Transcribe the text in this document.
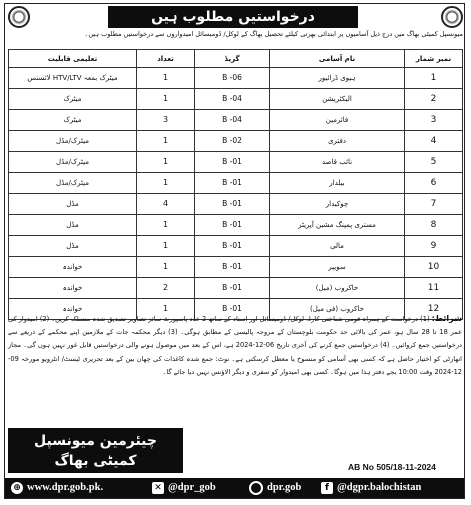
درخواستیں مطلوب ہیں
میونسپل کمیٹی بھاگ میں درج ذیل آسامیوں پر ابتدائی بھرتی کیلئے تحصیل بھاگ کے لوکل/ ڈومیسائل امیدواروں سے درخواستیں مطلوب ہیں۔
نمبر شمار	نام آسامی	گریڈ	تعداد	تعلیمی قابلیت
1	ہیوی ڈرائیور	B -06	1	میٹرک بمعہ HTV/LTV لائسنس
2	الیکٹریشن	B -04	1	میٹرک
3	فائرمین	B -04	3	میٹرک
4	دفتری	B -02	1	میٹرک/مڈل
5	نائب قاصد	B -01	1	میٹرک/مڈل
6	بیلدار	B -01	1	میٹرک/مڈل
7	چوکیدار	B -01	4	مڈل
8	مستری پمپنگ مشین آپریٹر	B -01	1	مڈل
9	مالی	B -01	1	مڈل
10	سویپر	B -01	1	خواندہ
11	خاکروب (میل)	B -01	2	خواندہ
12	خاکروب (فی میل)	B -01	1	خواندہ
شرائط: (1) درخواست کے ہمراہ قومی شناختی کارڈ، لوکل/ ڈومیسائل اور اسناد کے ساتھ 2 عدد پاسپورٹ سائز تصاویر تصدیق شدہ منسلک کریں۔ (2) امیدوار کی عمر 18 تا 28 سال ہو، عمر کی بالائی حد حکومت بلوچستان کے مروجہ پالیسی کے مطابق ہوگی۔ (3) دیگر محکمہ جات کے ملازمین اپنے محکمے کے ذریعے سے درخواستیں جمع کروائیں۔ (4) درخواستیں جمع کرنے کی آخری تاریخ 06-12-2024 ہے، اس کے بعد میں موصول ہونے والی درخواستیں قابل غور نہیں ہوں گی۔ مجاز اتھارٹی کو اختیار حاصل ہے کہ کسی بھی آسامی کو منسوخ یا معطل کرسکتی ہے۔ نوٹ: جمع شدہ کاغذات کی چھان بین کے بعد تحریری ٹیسٹ/ انٹرویو مورخہ 09-12-2024 وقت 10:00 بجے دفتر ہذا میں ہوگا۔ کسی بھی امیدوار کو سفری و دیگر الاؤنس نہیں دیا جائے گا۔
چیئرمین میونسپل
کمیٹی بھاگ	AB No 505/18-11-2024
⊕ www.dpr.gob.pk.	✕ @dpr_gob	dpr.gob	f @dgpr.balochistan
